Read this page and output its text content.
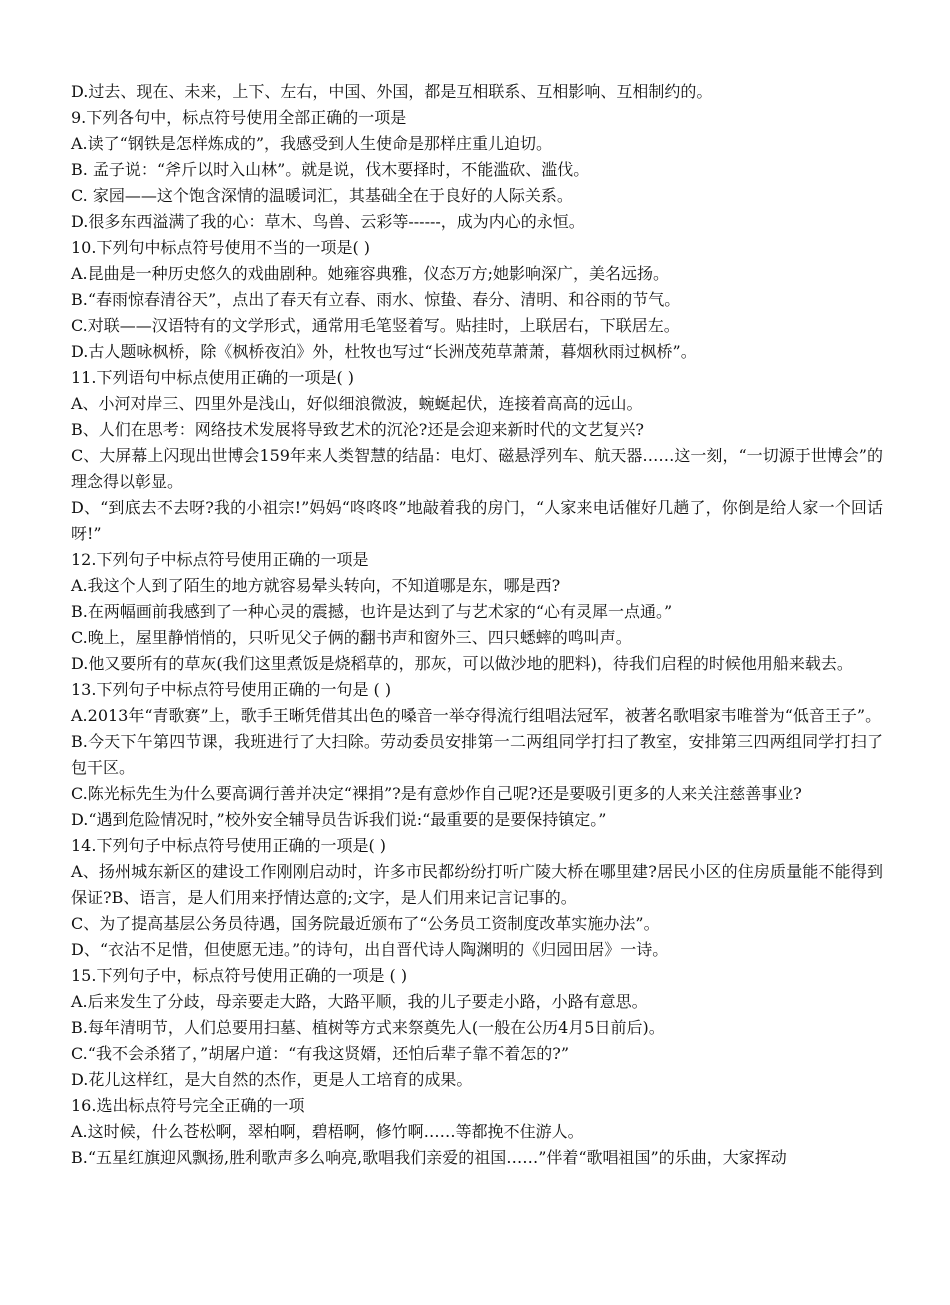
D.过去、现在、未来，上下、左右，中国、外国，都是互相联系、互相影响、互相制约的。
9.下列各句中，标点符号使用全部正确的一项是
A.读了“钢铁是怎样炼成的”，我感受到人生使命是那样庄重儿迫切。
B. 孟子说：“斧斤以时入山林”。就是说，伐木要择时，不能滥砍、滥伐。
C. 家园——这个饱含深情的温暖词汇，其基础全在于良好的人际关系。
D.很多东西溢满了我的心：草木、鸟兽、云彩等------，成为内心的永恒。
10.下列句中标点符号使用不当的一项是( )
A.昆曲是一种历史悠久的戏曲剧种。她雍容典雅，仪态万方;她影响深广，美名远扬。
B.“春雨惊春清谷天”，点出了春天有立春、雨水、惊蛰、春分、清明、和谷雨的节气。
C.对联——汉语特有的文学形式，通常用毛笔竖着写。贴挂时，上联居右，下联居左。
D.古人题咏枫桥，除《枫桥夜泊》外，杜牧也写过“长洲茂苑草萧萧，暮烟秋雨过枫桥”。
11.下列语句中标点使用正确的一项是( )
A、小河对岸三、四里外是浅山，好似细浪微波，蜿蜒起伏，连接着高高的远山。
B、人们在思考：网络技术发展将导致艺术的沉沦?还是会迎来新时代的文艺复兴?
C、大屏幕上闪现出世博会159年来人类智慧的结晶：电灯、磁悬浮列车、航天器……这一刻，“一切源于世博会”的理念得以彰显。
D、“到底去不去呀?我的小祖宗!”妈妈“咚咚咚”地敲着我的房门，“人家来电话催好几趟了，你倒是给人家一个回话呀!”
12.下列句子中标点符号使用正确的一项是
A.我这个人到了陌生的地方就容易晕头转向，不知道哪是东，哪是西?
B.在两幅画前我感到了一种心灵的震撼，也许是达到了与艺术家的“心有灵犀一点通。”
C.晚上，屋里静悄悄的，只听见父子俩的翻书声和窗外三、四只蟋蟀的鸣叫声。
D.他又要所有的草灰(我们这里煮饭是烧稻草的，那灰，可以做沙地的肥料)，待我们启程的时候他用船来载去。
13.下列句子中标点符号使用正确的一句是 ( )
A.2013年“青歌赛”上，歌手王晰凭借其出色的嗓音一举夺得流行组唱法冠军，被著名歌唱家韦唯誉为“低音王子”。
B.今天下午第四节课，我班进行了大扫除。劳动委员安排第一二两组同学打扫了教室，安排第三四两组同学打扫了包干区。
C.陈光标先生为什么要高调行善并决定“裸捐”?是有意炒作自己呢?还是要吸引更多的人来关注慈善事业?
D.“遇到危险情况时，”校外安全辅导员告诉我们说:“最重要的是要保持镇定。”
14.下列句子中标点符号使用正确的一项是( )
A、扬州城东新区的建设工作刚刚启动时，许多市民都纷纷打听广陵大桥在哪里建?居民小区的住房质量能不能得到保证?B、语言，是人们用来抒情达意的;文字，是人们用来记言记事的。
C、为了提高基层公务员待遇，国务院最近颁布了“公务员工资制度改革实施办法”。
D、“衣沾不足惜，但使愿无违。”的诗句，出自晋代诗人陶渊明的《归园田居》一诗。
15.下列句子中，标点符号使用正确的一项是 ( )
A.后来发生了分歧，母亲要走大路，大路平顺，我的儿子要走小路，小路有意思。
B.每年清明节，人们总要用扫墓、植树等方式来祭奠先人(一般在公历4月5日前后)。
C.“我不会杀猪了，”胡屠户道：“有我这贤婿，还怕后辈子靠不着怎的?”
D.花儿这样红，是大自然的杰作，更是人工培育的成果。
16.选出标点符号完全正确的一项
A.这时候，什么苍松啊，翠柏啊，碧梧啊，修竹啊……等都挽不住游人。
B.“五星红旗迎风飘扬,胜利歌声多么响亮,歌唱我们亲爱的祖国……”伴着“歌唱祖国”的乐曲，大家挥动
